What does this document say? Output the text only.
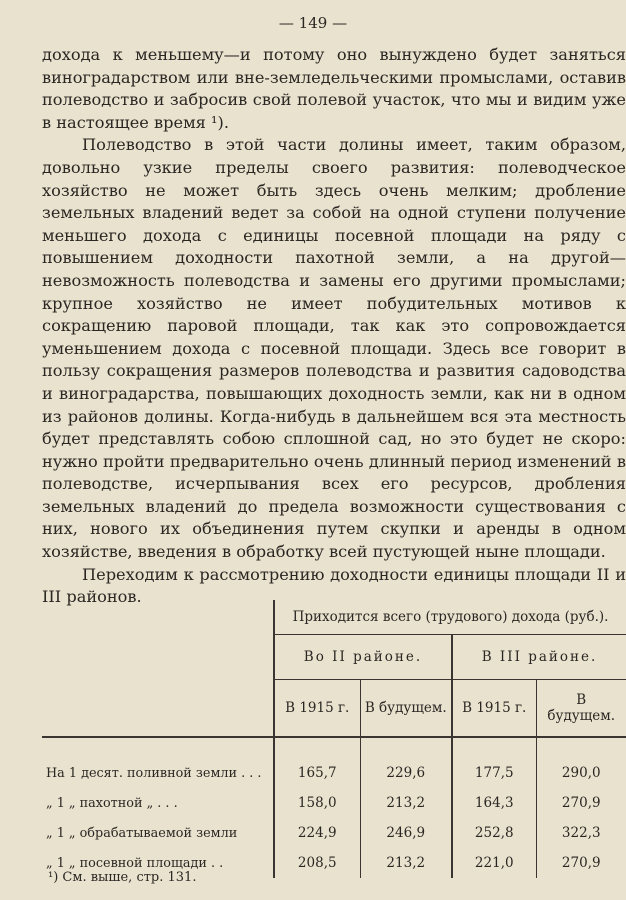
— 149 —

дохода к меньшему—и потому оно вынуждено будет заняться виноградарством или вне-земледельческими промыслами, оставив полеводство и забросив свой полевой участок, что мы и видим уже в настоящее время ¹).

Полеводство в этой части долины имеет, таким образом, довольно узкие пределы своего развития: полеводческое хозяйство не может быть здесь очень мелким; дробление земельных владений ведет за собой на одной ступени получение меньшего дохода с единицы посевной площади на ряду с повышением доходности пахотной земли, а на другой—невозможность полеводства и замены его другими промыслами; крупное хозяйство не имеет побудительных мотивов к сокращению паровой площади, так как это сопровождается уменьшением дохода с посевной площади. Здесь все говорит в пользу сокращения размеров полеводства и развития садоводства и виноградарства, повышающих доходность земли, как ни в одном из районов долины. Когда-нибудь в дальнейшем вся эта местность будет представлять собою сплошной сад, но это будет не скоро: нужно пройти предварительно очень длинный период изменений в полеводстве, исчерпывания всех его ресурсов, дробления земельных владений до предела возможности существования с них, нового их объединения путем скупки и аренды в одном хозяйстве, введения в обработку всей пустующей ныне площади.

Переходим к рассмотрению доходности единицы площади II и III районов.

	Приходится всего (трудового) дохода (руб.).			
	Во II районе.		В III районе.	
	В 1915 г.	В будущем.	В 1915 г.	В будущем.

На 1 десят. поливной земли . . .	165,7	229,6	177,5	290,0
„ 1 „ пахотной „ . . .	158,0	213,2	164,3	270,9
„ 1 „ обрабатываемой земли	224,9	246,9	252,8	322,3
„ 1 „ посевной площади . .	208,5	213,2	221,0	270,9
¹) См. выше, стр. 131.
